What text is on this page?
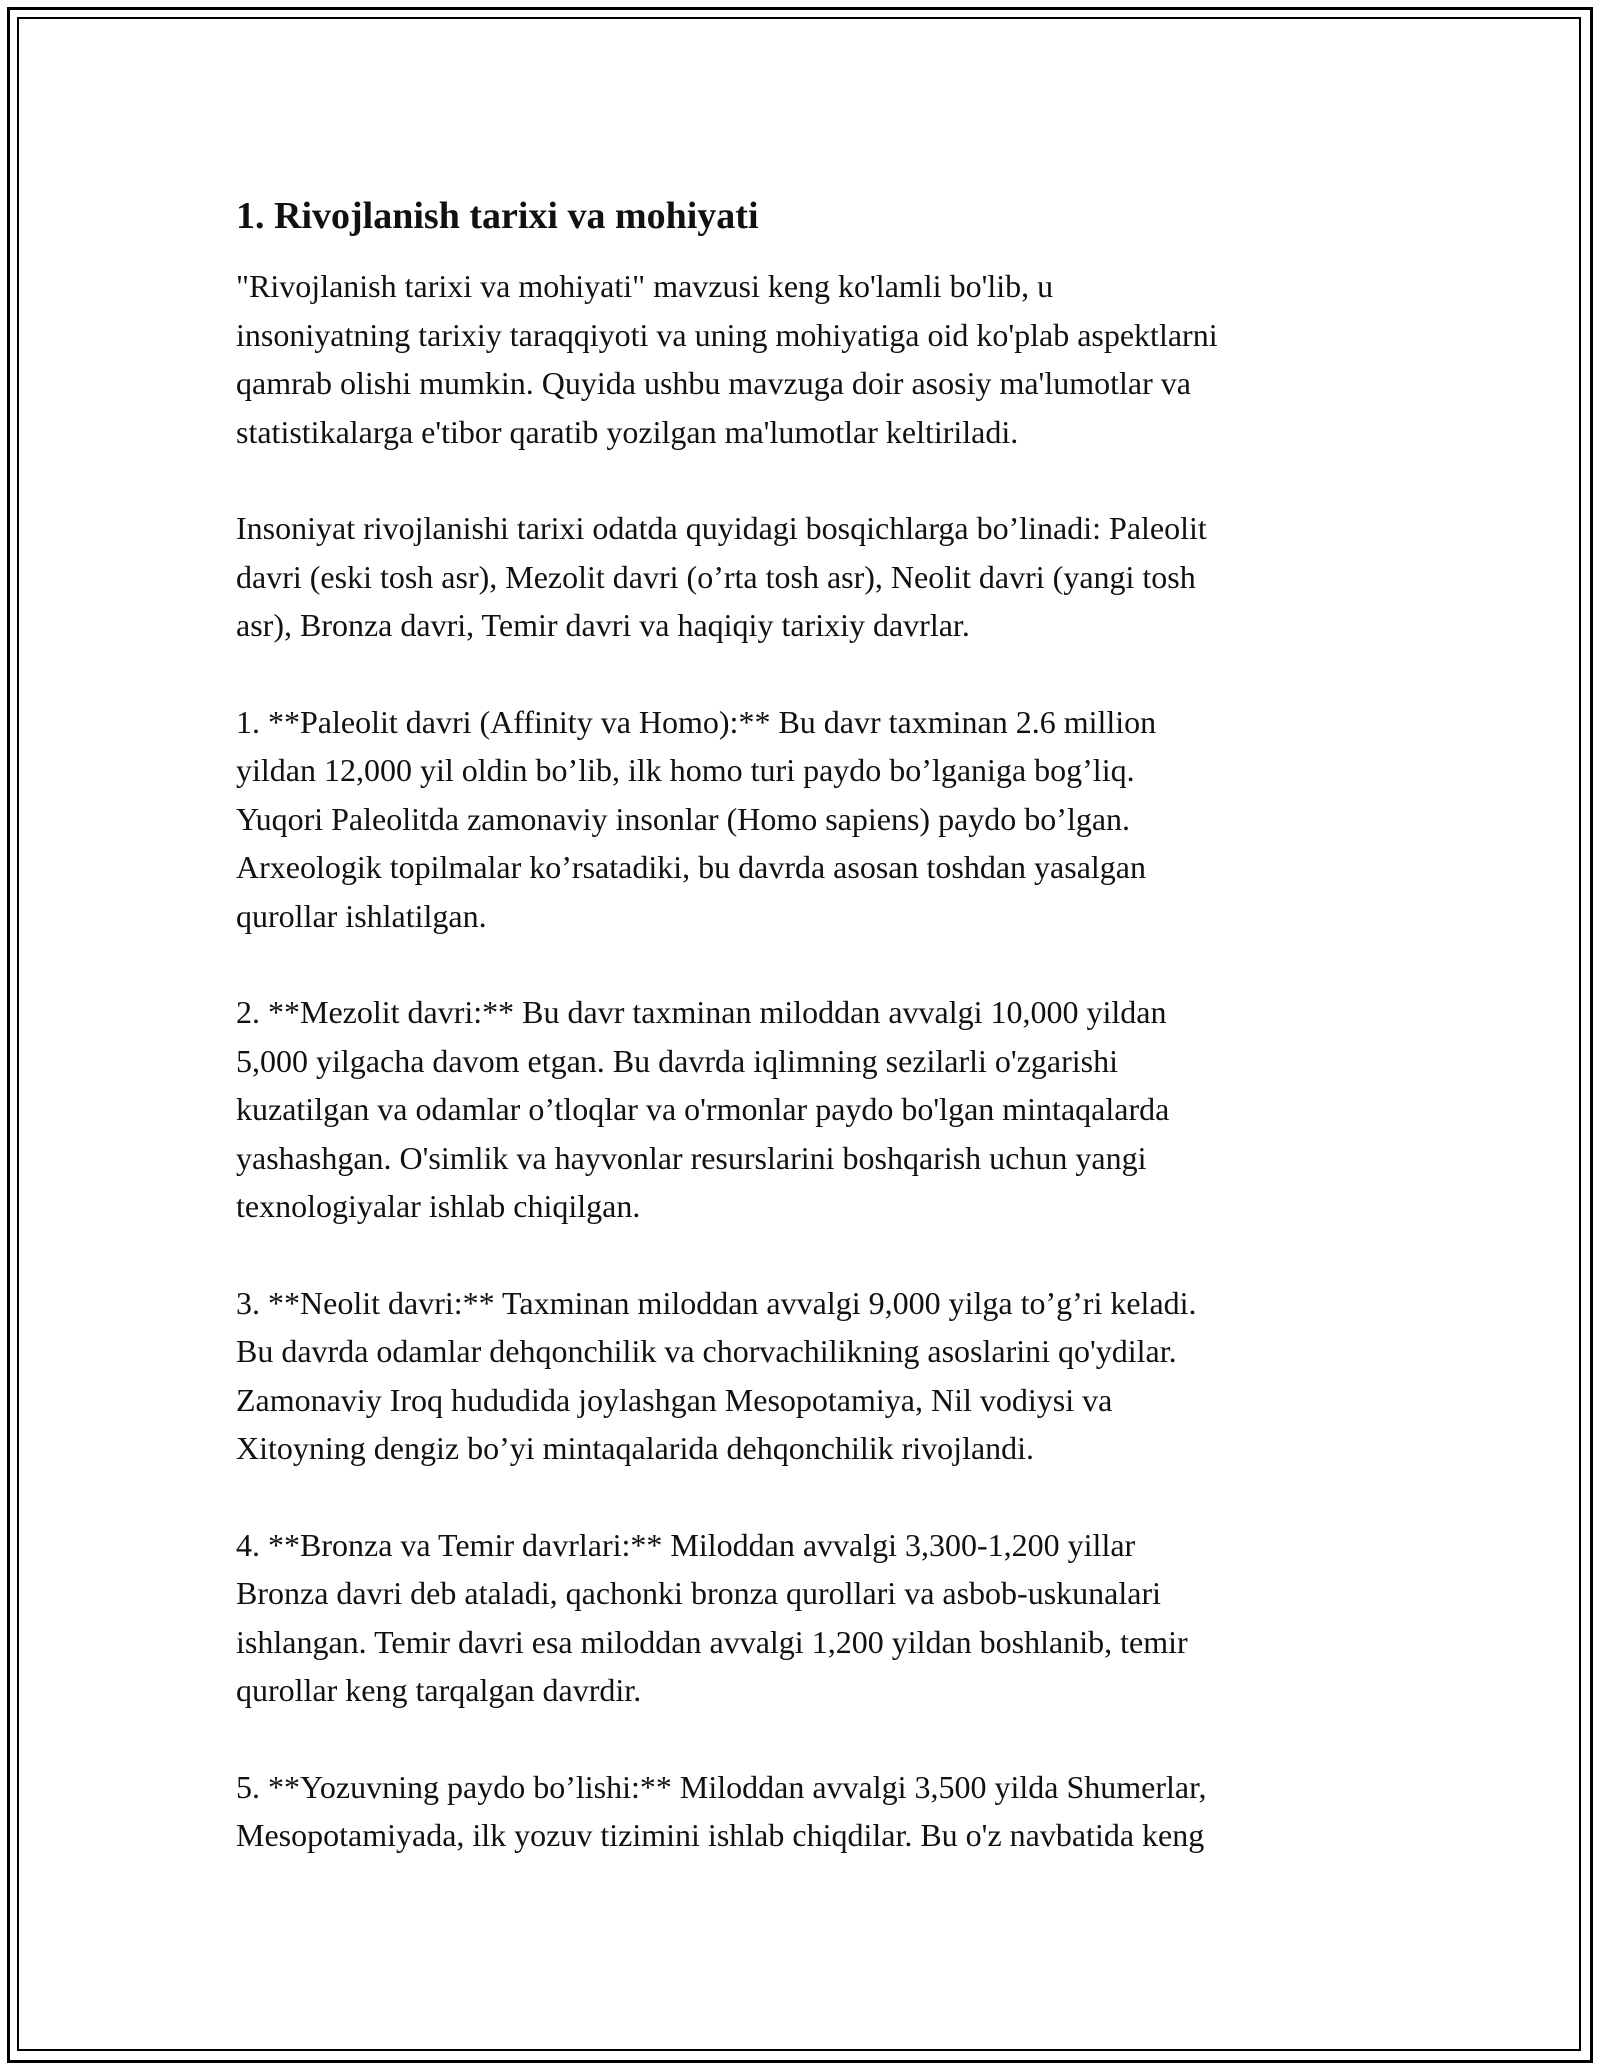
1. Rivojlanish tarixi va mohiyati

"Rivojlanish tarixi va mohiyati" mavzusi keng ko'lamli bo'lib, u
insoniyatning tarixiy taraqqiyoti va uning mohiyatiga oid ko'plab aspektlarni
qamrab olishi mumkin. Quyida ushbu mavzuga doir asosiy ma'lumotlar va
statistikalarga e'tibor qaratib yozilgan ma'lumotlar keltiriladi.

Insoniyat rivojlanishi tarixi odatda quyidagi bosqichlarga bo’linadi: Paleolit
davri (eski tosh asr), Mezolit davri (o’rta tosh asr), Neolit davri (yangi tosh
asr), Bronza davri, Temir davri va haqiqiy tarixiy davrlar.

1. **Paleolit davri (Affinity va Homo):** Bu davr taxminan 2.6 million
yildan 12,000 yil oldin bo’lib, ilk homo turi paydo bo’lganiga bog’liq.
Yuqori Paleolitda zamonaviy insonlar (Homo sapiens) paydo bo’lgan.
Arxeologik topilmalar ko’rsatadiki, bu davrda asosan toshdan yasalgan
qurollar ishlatilgan.

2. **Mezolit davri:** Bu davr taxminan miloddan avvalgi 10,000 yildan
5,000 yilgacha davom etgan. Bu davrda iqlimning sezilarli o'zgarishi
kuzatilgan va odamlar o’tloqlar va o'rmonlar paydo bo'lgan mintaqalarda
yashashgan. O'simlik va hayvonlar resurslarini boshqarish uchun yangi
texnologiyalar ishlab chiqilgan.

3. **Neolit davri:** Taxminan miloddan avvalgi 9,000 yilga to’g’ri keladi.
Bu davrda odamlar dehqonchilik va chorvachilikning asoslarini qo'ydilar.
Zamonaviy Iroq hududida joylashgan Mesopotamiya, Nil vodiysi va
Xitoyning dengiz bo’yi mintaqalarida dehqonchilik rivojlandi.

4. **Bronza va Temir davrlari:** Miloddan avvalgi 3,300-1,200 yillar
Bronza davri deb ataladi, qachonki bronza qurollari va asbob-uskunalari
ishlangan. Temir davri esa miloddan avvalgi 1,200 yildan boshlanib, temir
qurollar keng tarqalgan davrdir.

5. **Yozuvning paydo bo’lishi:** Miloddan avvalgi 3,500 yilda Shumerlar,
Mesopotamiyada, ilk yozuv tizimini ishlab chiqdilar. Bu o'z navbatida keng
